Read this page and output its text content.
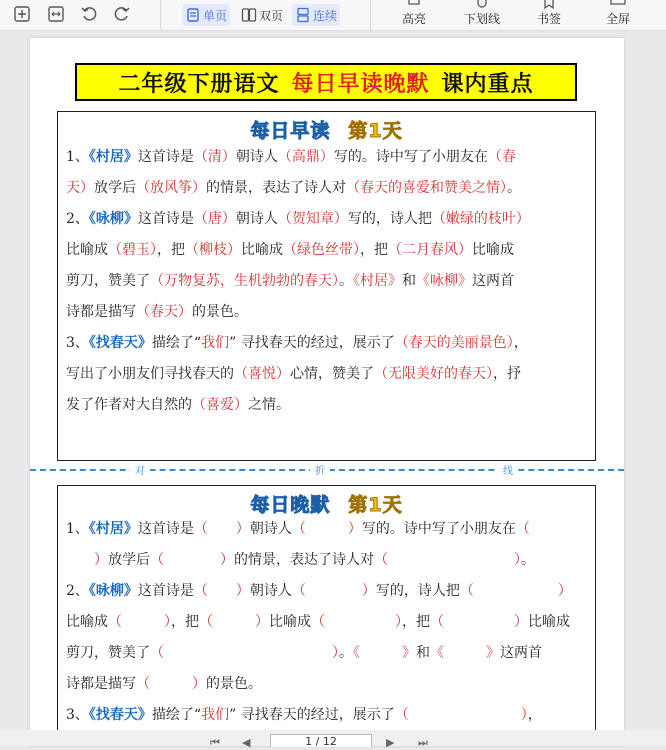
单页	双页 连续	高亮	下划线	书签	全屏
二年级下册语文 每日早读晚默 课内重点
每日早读 第1天
1、《村居》这首诗是（清）朝诗人（高鼎）写的。诗中写了小朋友在（春
天）放学后（放风筝）的情景，表达了诗人对（春天的喜爱和赞美之情）。
2、《咏柳》这首诗是（唐）朝诗人（贺知章）写的，诗人把（嫩绿的枝叶）
比喻成（碧玉），把（柳枝）比喻成（绿色丝带），把（二月春风）比喻成
剪刀，赞美了（万物复苏，生机勃勃的春天）。《村居》和《咏柳》这两首
诗都是描写（春天）的景色。
3、《找春天》描绘了“我们” 寻找春天的经过，展示了（春天的美丽景色），
写出了小朋友们寻找春天的（喜悦）心情，赞美了（无限美好的春天），抒
发了作者对大自然的（喜爱）之情。
对	折	线
每日晚默 第1天
1、《村居》这首诗是（　　）朝诗人（　　　）写的。诗中写了小朋友在（
　　）放学后（　　　　）的情景，表达了诗人对（　　　　　　　　　）。
2、《咏柳》这首诗是（　　）朝诗人（　　　　）写的，诗人把（　　　　　　）
比喻成（　　　），把（　　　）比喻成（　　　　　），把（　　　　　）比喻成
剪刀，赞美了（　　　　　　　　　　　　）。《　　　》和《　　　》这两首
诗都是描写（　　　）的景色。
3、《找春天》描绘了“我们” 寻找春天的经过，展示了（　　　　　　　　），
⏮ ◀	1 / 12	▶ ⏭
